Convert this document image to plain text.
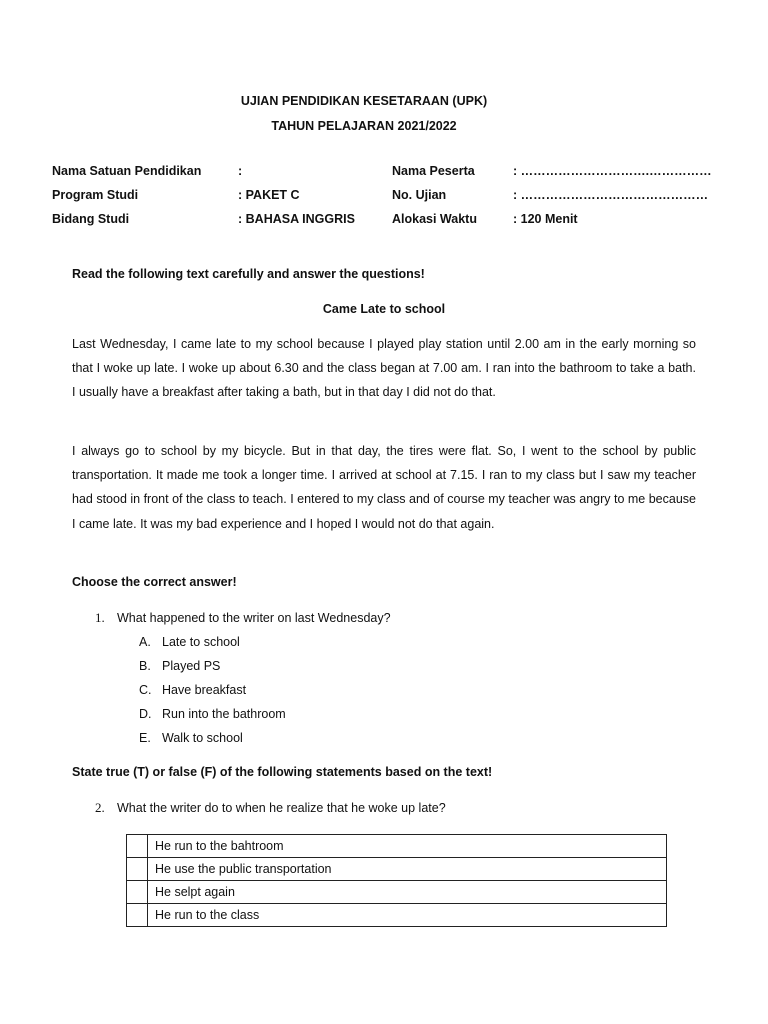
UJIAN PENDIDIKAN KESETARAAN (UPK)
TAHUN PELAJARAN 2021/2022
Nama Satuan Pendidikan	:	Nama Peserta	: ………………………….……………
Program Studi	: PAKET C	No. Ujian	: ………………………………………
Bidang Studi	: BAHASA INGGRIS	Alokasi Waktu	: 120 Menit
Read the following text carefully and answer the questions!
Came Late to school

Last Wednesday, I came late to my school because I played play station until 2.00 am in the early morning so that I woke up late. I woke up about 6.30 and the class began at 7.00 am. I ran into the bathroom to take a bath. I usually have a breakfast after taking a bath, but in that day I did not do that.

I always go to school by my bicycle. But in that day, the tires were flat. So, I went to the school by public transportation. It made me took a longer time. I arrived at school at 7.15. I ran to my class but I saw my teacher had stood in front of the class to teach. I entered to my class and of course my teacher was angry to me because I came late. It was my bad experience and I hoped I would not do that again.

Choose the correct answer!
1. What happened to the writer on last Wednesday?
A. Late to school
B. Played PS
C. Have breakfast
D. Run into the bathroom
E. Walk to school
State true (T) or false (F) of the following statements based on the text!
2. What the writer do to when he realize that he woke up late?
	He run to the bahtroom
	He use the public transportation
	He selpt again
	He run to the class
